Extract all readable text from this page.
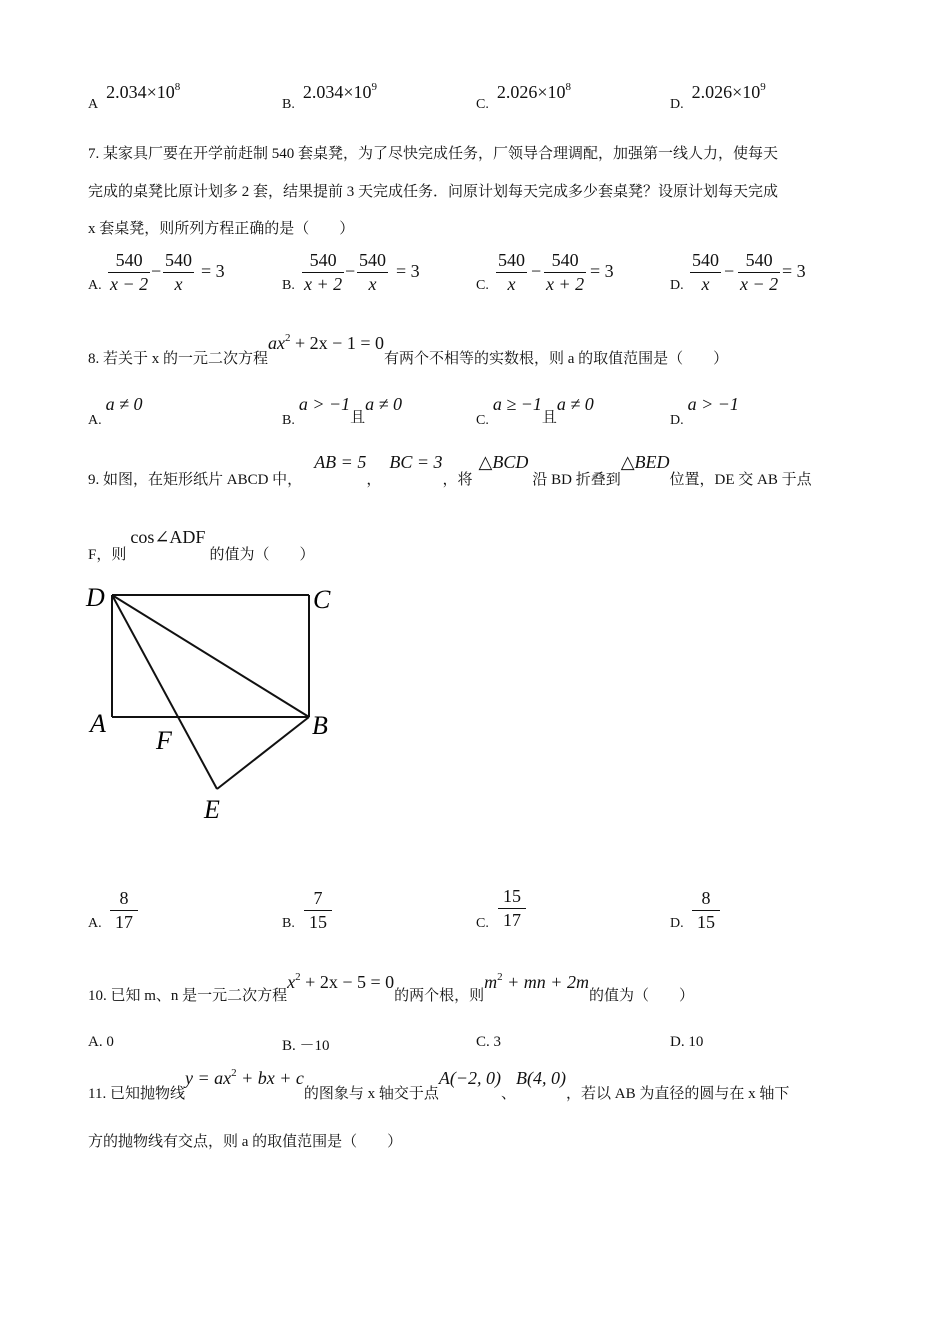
A $2.034\times 10^8$
B. $2.034\times 10^9$
C. $2.026\times 10^8$
D. $2.026\times 10^9$
7. 某家具厂要在开学前赶制 540 套桌凳，为了尽快完成任务，厂领导合理调配，加强第一线人力，使每天
完成的桌凳比原计划多 2 套，结果提前 3 天完成任务．问原计划每天完成多少套桌凳？设原计划每天完成
x 套桌凳，则所列方程正确的是（　　）
A.
540
x − 2
−
540
x
= 3
B.
540
x + 2
−
540
x
= 3
C.
540
x
−
540
x + 2
= 3
D.
540
x
−
540
x − 2
= 3
8. 若关于 x 的一元二次方程$ax^2 + 2x - 1 = 0$有两个不相等的实数根，则 a 的取值范围是（　　）
A. a ≠ 0
B. a > −1且a ≠ 0
C. a ≥ −1且a ≠ 0
D. a > −1
9. 如图，在矩形纸片 ABCD 中， AB = 5， BC = 3，将 △BCD 沿 BD 折叠到△BED位置，DE 交 AB 于点
F，则cos∠ADF的值为（　　）
D	C
A	B
F
E
A.
8
17	B.
7
15	C.
15
17	D.
8
15
10. 已知 m、n 是一元二次方程$x^2 + 2x - 5 = 0$的两个根，则$m^2$ + mn + 2m的值为（　　）
A. 0	B. －10	C. 3	D. 10
11. 已知抛物线$y = ax^2$ + bx + c的图象与 x 轴交于点A(−2, 0)、B(4, 0)，若以 AB 为直径的圆与在 x 轴下
方的抛物线有交点，则 a 的取值范围是（　　）
